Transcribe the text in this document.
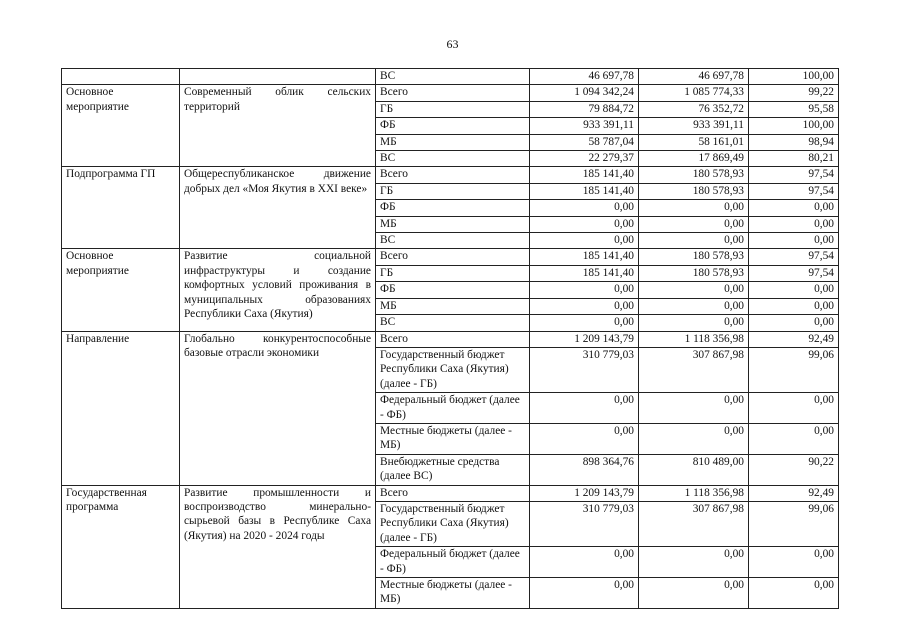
63
		ВС	46 697,78	46 697,78	100,00
Основное мероприятие	Современный облик сельских территорий	Всего	1 094 342,24	1 085 774,33	99,22
		ГБ	79 884,72	76 352,72	95,58
		ФБ	933 391,11	933 391,11	100,00
		МБ	58 787,04	58 161,01	98,94
		ВС	22 279,37	17 869,49	80,21
Подпрограмма ГП	Общереспубликанское движение добрых дел «Моя Якутия в XXI веке»	Всего	185 141,40	180 578,93	97,54
		ГБ	185 141,40	180 578,93	97,54
		ФБ	0,00	0,00	0,00
		МБ	0,00	0,00	0,00
		ВС	0,00	0,00	0,00
Основное мероприятие	Развитие социальной инфраструктуры и создание комфортных условий проживания в муниципальных образованиях Республики Саха (Якутия)	Всего	185 141,40	180 578,93	97,54
		ГБ	185 141,40	180 578,93	97,54
		ФБ	0,00	0,00	0,00
		МБ	0,00	0,00	0,00
		ВС	0,00	0,00	0,00
Направление	Глобально конкурентоспособные базовые отрасли экономики	Всего	1 209 143,79	1 118 356,98	92,49
		Государственный бюджет Республики Саха (Якутия) (далее - ГБ)	310 779,03	307 867,98	99,06
		Федеральный бюджет (далее - ФБ)	0,00	0,00	0,00
		Местные бюджеты (далее - МБ)	0,00	0,00	0,00
		Внебюджетные средства (далее ВС)	898 364,76	810 489,00	90,22
Государственная программа	Развитие промышленности и воспроизводство минерально-сырьевой базы в Республике Саха (Якутия) на 2020 - 2024 годы	Всего	1 209 143,79	1 118 356,98	92,49
		Государственный бюджет Республики Саха (Якутия) (далее - ГБ)	310 779,03	307 867,98	99,06
		Федеральный бюджет (далее - ФБ)	0,00	0,00	0,00
		Местные бюджеты (далее - МБ)	0,00	0,00	0,00
